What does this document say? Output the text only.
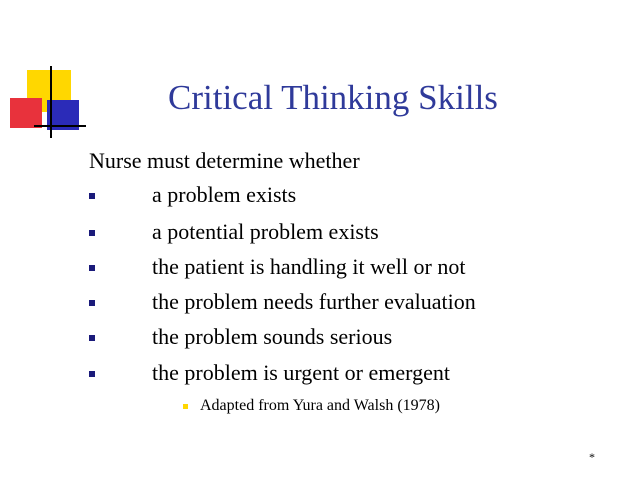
Critical Thinking Skills
Nurse must determine whether
a problem exists
a potential problem exists
the patient is handling it well or not
the problem needs further evaluation
the problem sounds serious
the problem is urgent or emergent
Adapted from Yura and Walsh (1978)
*
